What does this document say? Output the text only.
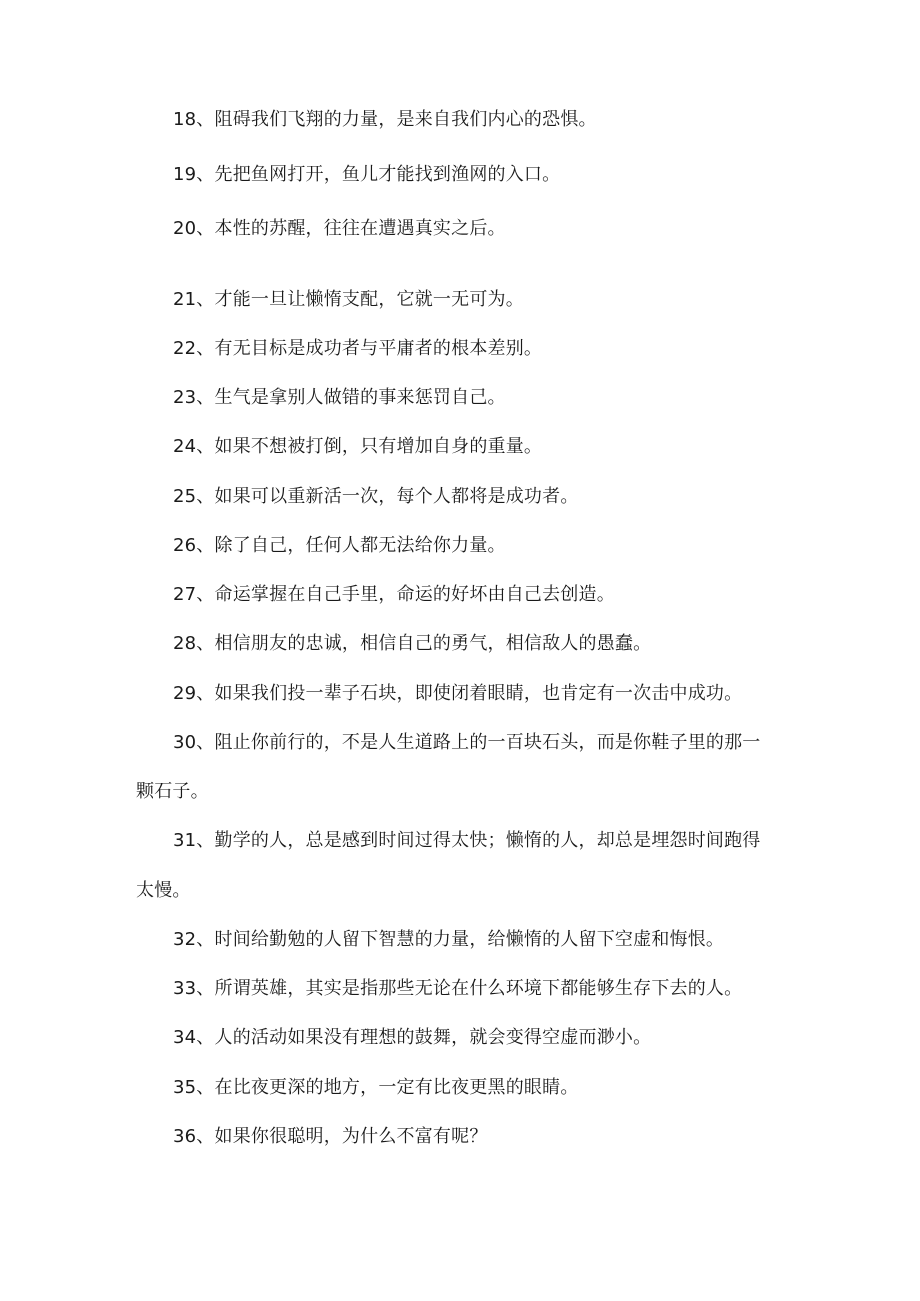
18、阻碍我们飞翔的力量，是来自我们内心的恐惧。
19、先把鱼网打开，鱼儿才能找到渔网的入口。
20、本性的苏醒，往往在遭遇真实之后。
21、才能一旦让懒惰支配，它就一无可为。
22、有无目标是成功者与平庸者的根本差别。
23、生气是拿别人做错的事来惩罚自己。
24、如果不想被打倒，只有增加自身的重量。
25、如果可以重新活一次，每个人都将是成功者。
26、除了自己，任何人都无法给你力量。
27、命运掌握在自己手里，命运的好坏由自己去创造。
28、相信朋友的忠诚，相信自己的勇气，相信敌人的愚蠢。
29、如果我们投一辈子石块，即使闭着眼睛，也肯定有一次击中成功。
30、阻止你前行的，不是人生道路上的一百块石头，而是你鞋子里的那一
颗石子。
31、勤学的人，总是感到时间过得太快；懒惰的人，却总是埋怨时间跑得
太慢。
32、时间给勤勉的人留下智慧的力量，给懒惰的人留下空虚和悔恨。
33、所谓英雄，其实是指那些无论在什么环境下都能够生存下去的人。
34、人的活动如果没有理想的鼓舞，就会变得空虚而渺小。
35、在比夜更深的地方，一定有比夜更黑的眼睛。
36、如果你很聪明，为什么不富有呢？
